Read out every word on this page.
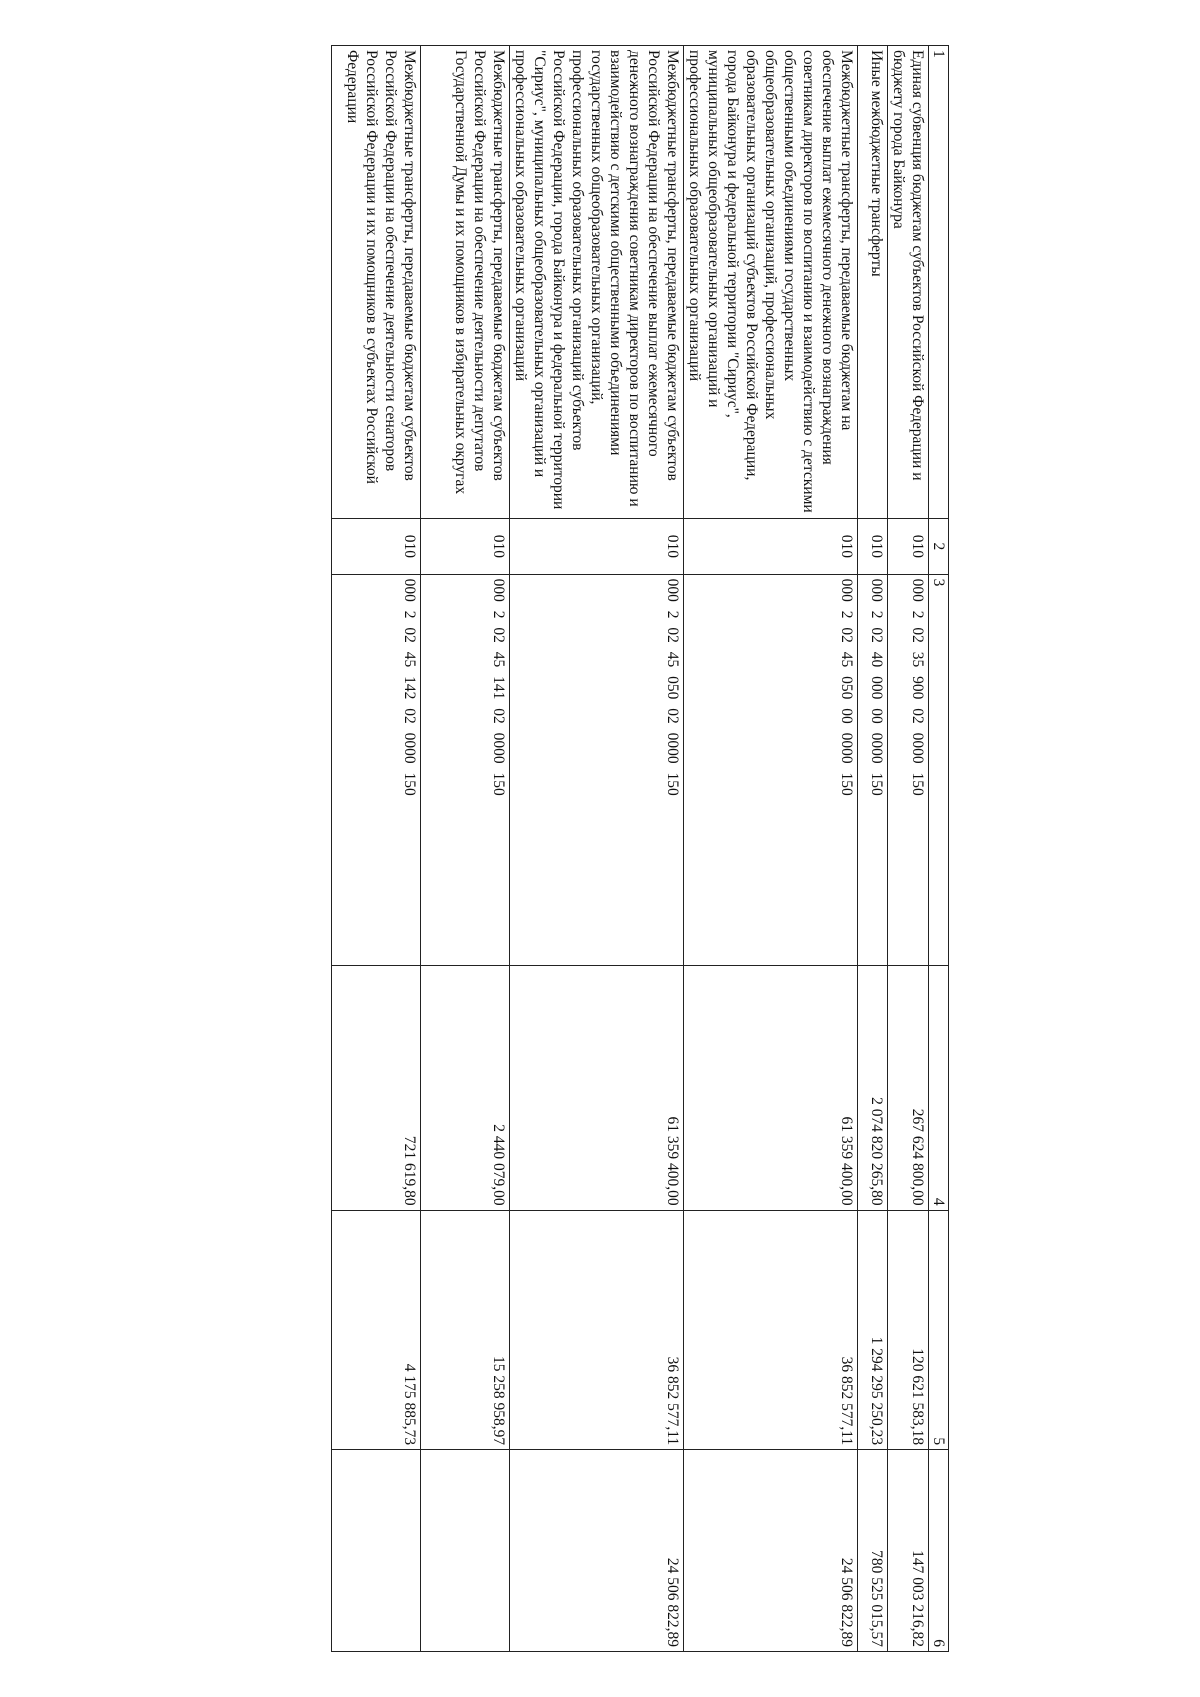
1	2	3	4	5	6
Единая субвенция бюджетам субъектов Российской Федерации и бюджету города Байконура	010	000 2 02 35 900 02 0000 150	267 624 800,00	120 621 583,18	147 003 216,82
Иные межбюджетные трансферты	010	000 2 02 40 000 00 0000 150	2 074 820 265,80	1 294 295 250,23	780 525 015,57
Межбюджетные трансферты, передаваемые бюджетам на обеспечение выплат ежемесячного денежного вознаграждения советникам директоров по воспитанию и взаимодействию с детскими общественными объединениями государственных общеобразовательных организаций, профессиональных образовательных организаций субъектов Российской Федерации, города Байконура и федеральной территории "Сириус", муниципальных общеобразовательных организаций и профессиональных образовательных организаций	010	000 2 02 45 050 00 0000 150	61 359 400,00	36 852 577,11	24 506 822,89
Межбюджетные трансферты, передаваемые бюджетам субъектов Российской Федерации на обеспечение выплат ежемесячного денежного вознаграждения советникам директоров по воспитанию и взаимодействию с детскими общественными объединениями государственных общеобразовательных организаций, профессиональных образовательных организаций субъектов Российской Федерации, города Байконура и федеральной территории "Сириус", муниципальных общеобразовательных организаций и профессиональных образовательных организаций	010	000 2 02 45 050 02 0000 150	61 359 400,00	36 852 577,11	24 506 822,89
Межбюджетные трансферты, передаваемые бюджетам субъектов Российской Федерации на обеспечение деятельности депутатов Государственной Думы и их помощников в избирательных округах	010	000 2 02 45 141 02 0000 150	2 440 079,00	15 258 958,97	
Межбюджетные трансферты, передаваемые бюджетам субъектов Российской Федерации на обеспечение деятельности сенаторов Российской Федерации и их помощников в субъектах Российской Федерации	010	000 2 02 45 142 02 0000 150	721 619,80	4 175 885,73	
